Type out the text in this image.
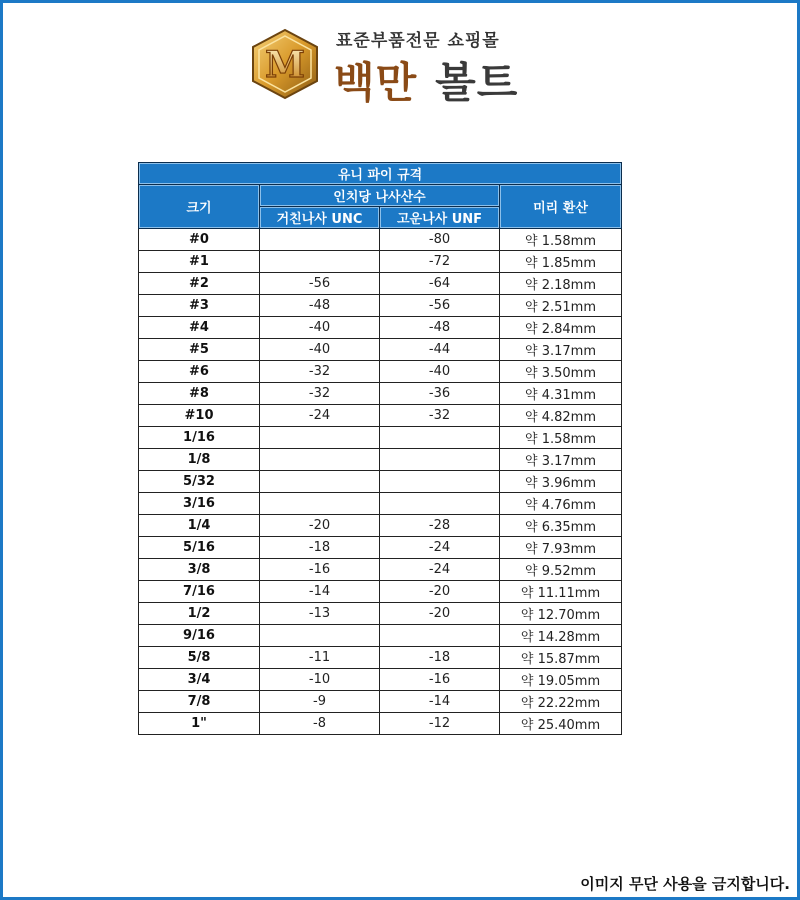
M
표준부품전문 쇼핑몰
백만 볼트
유니 파이 규격			
크기	인치당 나사산수		미리 환산
	거친나사 UNC	고운나사 UNF	
#0		-80	약 1.58mm
#1		-72	약 1.85mm
#2	-56	-64	약 2.18mm
#3	-48	-56	약 2.51mm
#4	-40	-48	약 2.84mm
#5	-40	-44	약 3.17mm
#6	-32	-40	약 3.50mm
#8	-32	-36	약 4.31mm
#10	-24	-32	약 4.82mm
1/16			약 1.58mm
1/8			약 3.17mm
5/32			약 3.96mm
3/16			약 4.76mm
1/4	-20	-28	약 6.35mm
5/16	-18	-24	약 7.93mm
3/8	-16	-24	약 9.52mm
7/16	-14	-20	약 11.11mm
1/2	-13	-20	약 12.70mm
9/16			약 14.28mm
5/8	-11	-18	약 15.87mm
3/4	-10	-16	약 19.05mm
7/8	-9	-14	약 22.22mm
1"	-8	-12	약 25.40mm
이미지 무단 사용을 금지합니다.
